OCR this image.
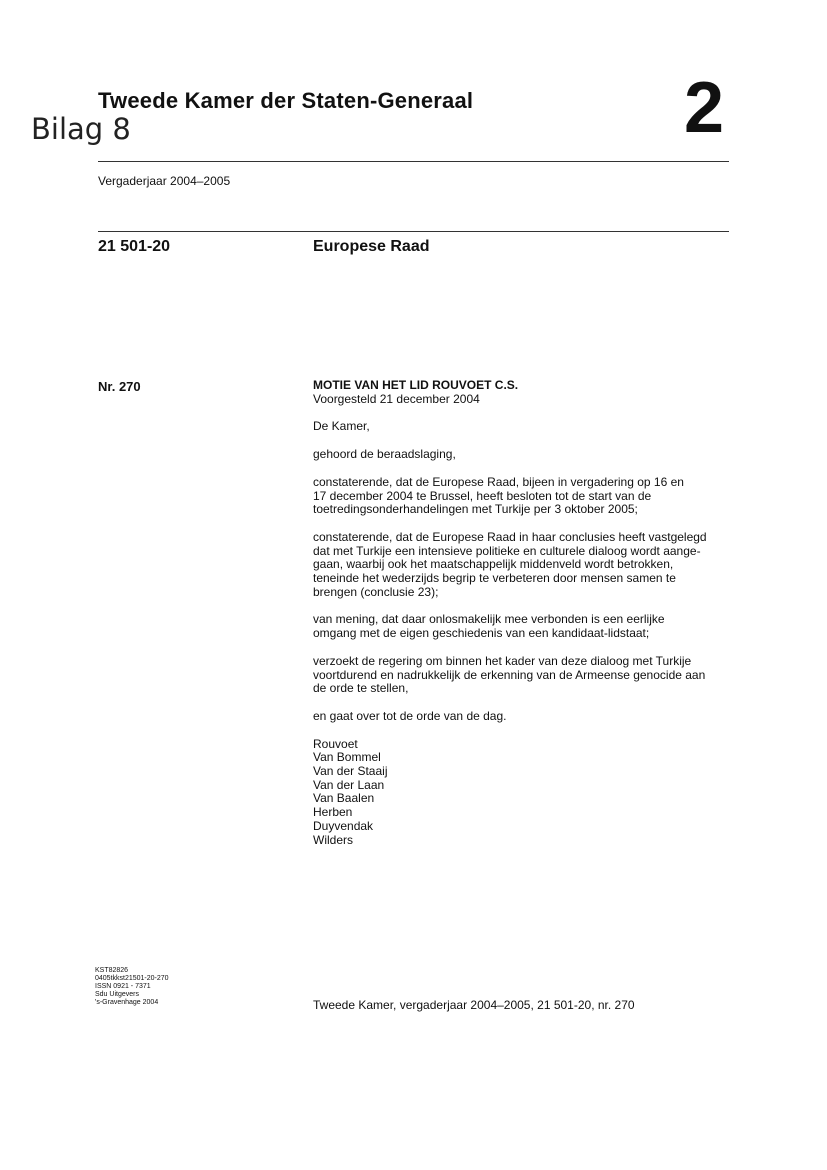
Tweede Kamer der Staten-Generaal
Bilag 8	2
Vergaderjaar 2004–2005
21 501-20	Europese Raad
Nr. 270	MOTIE VAN HET LID ROUVOET C.S.
Voorgesteld 21 december 2004
De Kamer,
gehoord de beraadslaging,
constaterende, dat de Europese Raad, bijeen in vergadering op 16 en
17 december 2004 te Brussel, heeft besloten tot de start van de
toetredingsonderhandelingen met Turkije per 3 oktober 2005;
constaterende, dat de Europese Raad in haar conclusies heeft vastgelegd
dat met Turkije een intensieve politieke en culturele dialoog wordt aange-
gaan, waarbij ook het maatschappelijk middenveld wordt betrokken,
teneinde het wederzijds begrip te verbeteren door mensen samen te
brengen (conclusie 23);
van mening, dat daar onlosmakelijk mee verbonden is een eerlijke
omgang met de eigen geschiedenis van een kandidaat-lidstaat;
verzoekt de regering om binnen het kader van deze dialoog met Turkije
voortdurend en nadrukkelijk de erkenning van de Armeense genocide aan
de orde te stellen,
en gaat over tot de orde van de dag.
Rouvoet
Van Bommel
Van der Staaij
Van der Laan
Van Baalen
Herben
Duyvendak
Wilders
KST82826
0405tkkst21501-20-270
ISSN 0921 - 7371
Sdu Uitgevers
's-Gravenhage 2004	Tweede Kamer, vergaderjaar 2004–2005, 21 501-20, nr. 270
